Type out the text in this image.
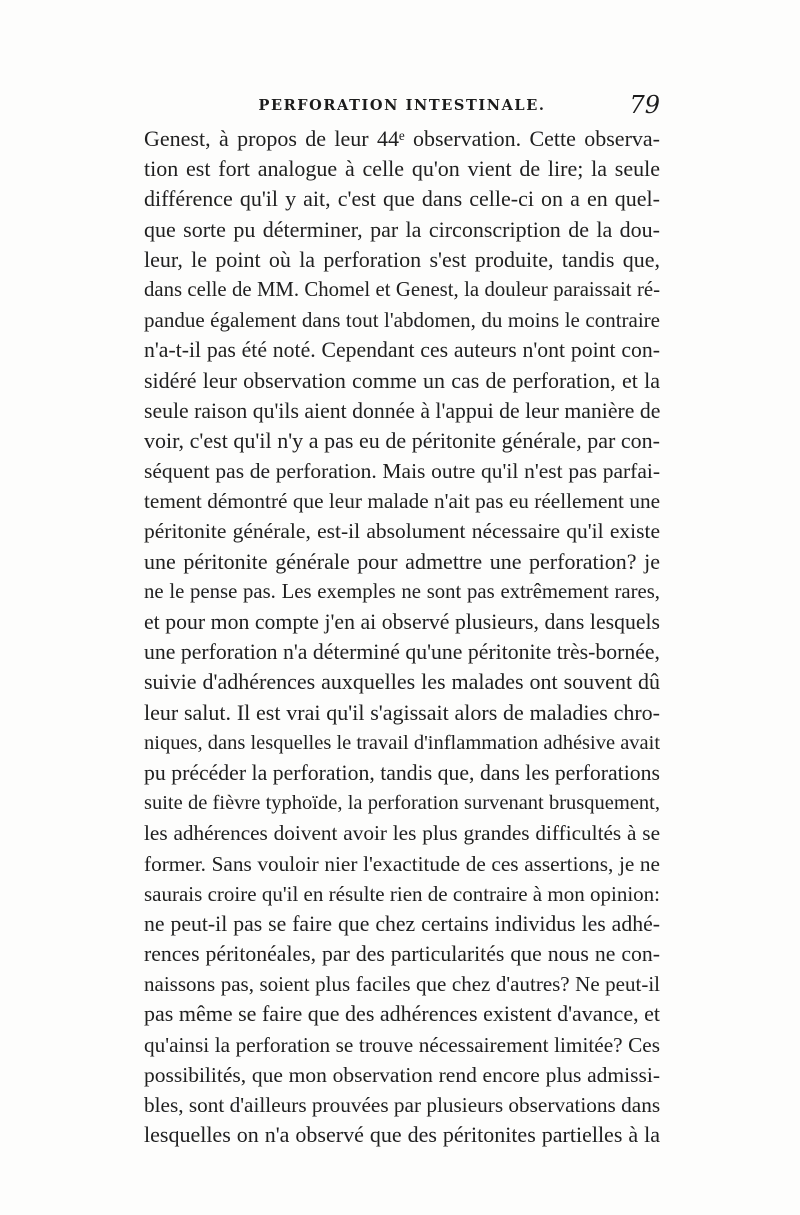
PERFORATION INTESTINALE.	79
Genest, à propos de leur 44ᵉ observation. Cette observa-
tion est fort analogue à celle qu'on vient de lire; la seule
différence qu'il y ait, c'est que dans celle-ci on a en quel-
que sorte pu déterminer, par la circonscription de la dou-
leur, le point où la perforation s'est produite, tandis que,
dans celle de MM. Chomel et Genest, la douleur paraissait ré-
pandue également dans tout l'abdomen, du moins le contraire
n'a-t-il pas été noté. Cependant ces auteurs n'ont point con-
sidéré leur observation comme un cas de perforation, et la
seule raison qu'ils aient donnée à l'appui de leur manière de
voir, c'est qu'il n'y a pas eu de péritonite générale, par con-
séquent pas de perforation. Mais outre qu'il n'est pas parfai-
tement démontré que leur malade n'ait pas eu réellement une
péritonite générale, est-il absolument nécessaire qu'il existe
une péritonite générale pour admettre une perforation? je
ne le pense pas. Les exemples ne sont pas extrêmement rares,
et pour mon compte j'en ai observé plusieurs, dans lesquels
une perforation n'a déterminé qu'une péritonite très-bornée,
suivie d'adhérences auxquelles les malades ont souvent dû
leur salut. Il est vrai qu'il s'agissait alors de maladies chro-
niques, dans lesquelles le travail d'inflammation adhésive avait
pu précéder la perforation, tandis que, dans les perforations
suite de fièvre typhoïde, la perforation survenant brusquement,
les adhérences doivent avoir les plus grandes difficultés à se
former. Sans vouloir nier l'exactitude de ces assertions, je ne
saurais croire qu'il en résulte rien de contraire à mon opinion:
ne peut-il pas se faire que chez certains individus les adhé-
rences péritonéales, par des particularités que nous ne con-
naissons pas, soient plus faciles que chez d'autres? Ne peut-il
pas même se faire que des adhérences existent d'avance, et
qu'ainsi la perforation se trouve nécessairement limitée? Ces
possibilités, que mon observation rend encore plus admissi-
bles, sont d'ailleurs prouvées par plusieurs observations dans
lesquelles on n'a observé que des péritonites partielles à la
